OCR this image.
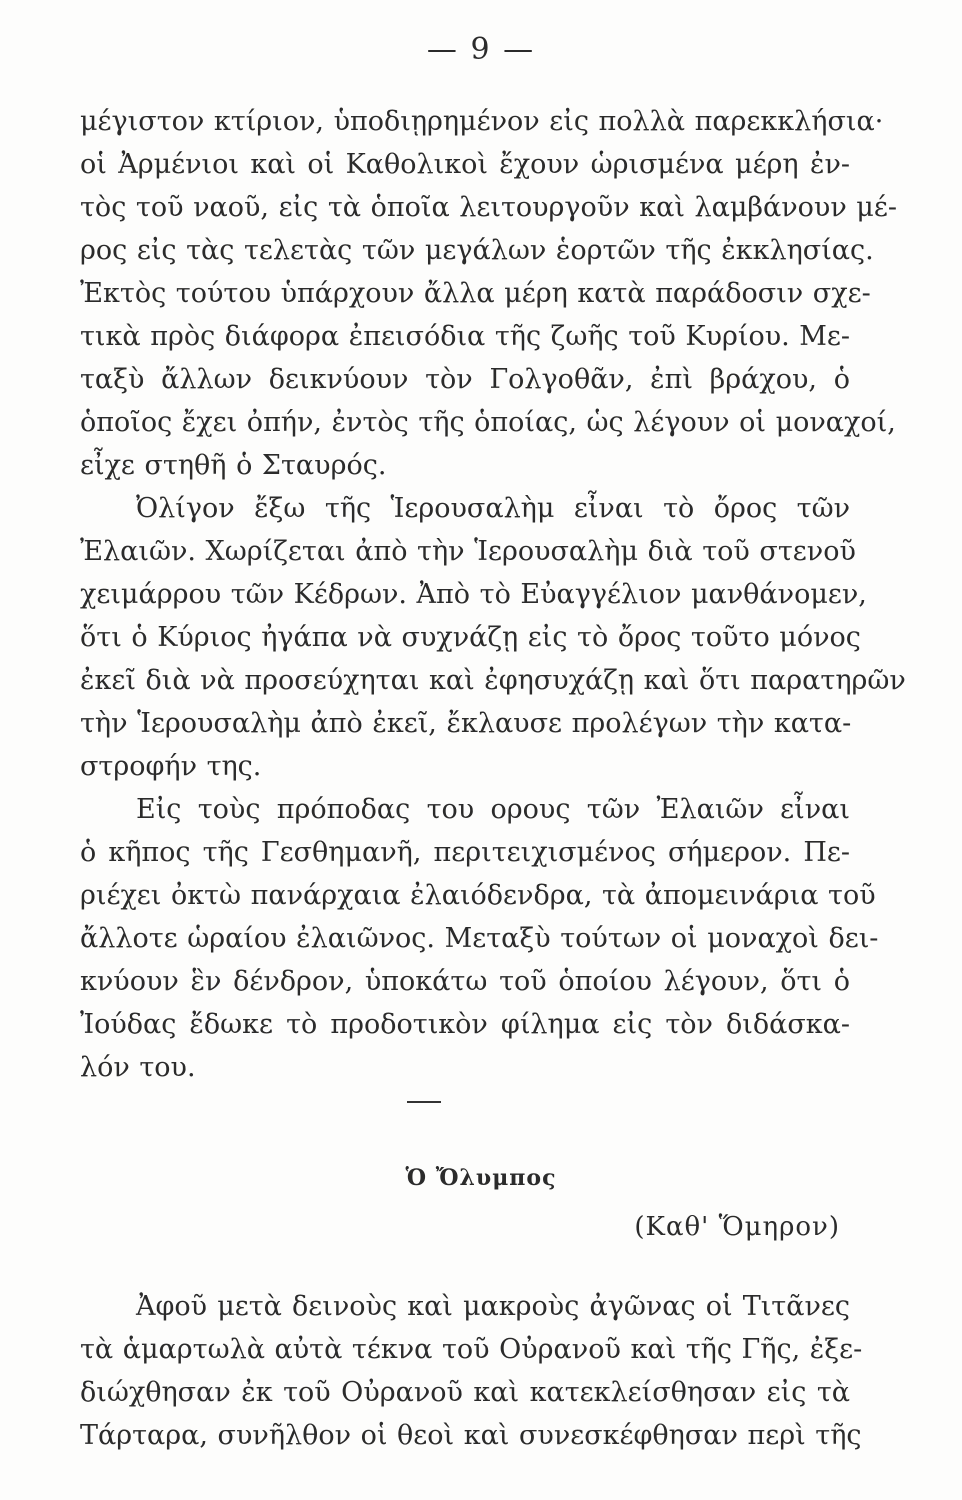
— 9 —
μέγιστον κτίριον, ὑποδιῃρημένον εἰς πολλὰ παρεκκλήσια·
οἱ Ἀρμένιοι καὶ οἱ Καθολικοὶ ἔχουν ὡρισμένα μέρη ἐν-
τὸς τοῦ ναοῦ, εἰς τὰ ὁποῖα λειτουργοῦν καὶ λαμβάνουν μέ-
ρος εἰς τὰς τελετὰς τῶν μεγάλων ἑορτῶν τῆς ἐκκλησίας.
Ἐκτὸς τούτου ὑπάρχουν ἄλλα μέρη κατὰ παράδοσιν σχε-
τικὰ πρὸς διάφορα ἐπεισόδια τῆς ζωῆς τοῦ Κυρίου. Με-
ταξὺ ἄλλων δεικνύουν τὸν Γολγοθᾶν, ἐπὶ βράχου, ὁ
ὁποῖος ἔχει ὀπήν, ἐντὸς τῆς ὁποίας, ὡς λέγουν οἱ μοναχοί,
εἶχε στηθῆ ὁ Σταυρός.
Ὀλίγον ἔξω τῆς Ἱερουσαλὴμ εἶναι τὸ ὄρος τῶν
Ἐλαιῶν. Χωρίζεται ἀπὸ τὴν Ἱερουσαλὴμ διὰ τοῦ στενοῦ
χειμάρρου τῶν Κέδρων. Ἀπὸ τὸ Εὐαγγέλιον μανθάνομεν,
ὅτι ὁ Κύριος ἠγάπα νὰ συχνάζῃ εἰς τὸ ὄρος τοῦτο μόνος
ἐκεῖ διὰ νὰ προσεύχηται καὶ ἐφησυχάζῃ καὶ ὅτι παρατηρῶν
τὴν Ἱερουσαλὴμ ἀπὸ ἐκεῖ, ἔκλαυσε προλέγων τὴν κατα-
στροφήν της.
Εἰς τοὺς πρόποδας του ορους τῶν Ἐλαιῶν εἶναι
ὁ κῆπος τῆς Γεσθημανῆ, περιτειχισμένος σήμερον. Πε-
ριέχει ὀκτὼ πανάρχαια ἐλαιόδενδρα, τὰ ἀπομεινάρια τοῦ
ἄλλοτε ὡραίου ἐλαιῶνος. Μεταξὺ τούτων οἱ μοναχοὶ δει-
κνύουν ἓν δένδρον, ὑποκάτω τοῦ ὁποίου λέγουν, ὅτι ὁ
Ἰούδας ἔδωκε τὸ προδοτικὸν φίλημα εἰς τὸν διδάσκα-
λόν του.
Ὁ Ὄλυμπος
(Καθ' Ὅμηρον)
Ἀφοῦ μετὰ δεινοὺς καὶ μακροὺς ἀγῶνας οἱ Τιτᾶνες
τὰ ἁμαρτωλὰ αὐτὰ τέκνα τοῦ Οὐρανοῦ καὶ τῆς Γῆς, ἐξε-
διώχθησαν ἐκ τοῦ Οὐρανοῦ καὶ κατεκλείσθησαν εἰς τὰ
Τάρταρα, συνῆλθον οἱ θεοὶ καὶ συνεσκέφθησαν περὶ τῆς
